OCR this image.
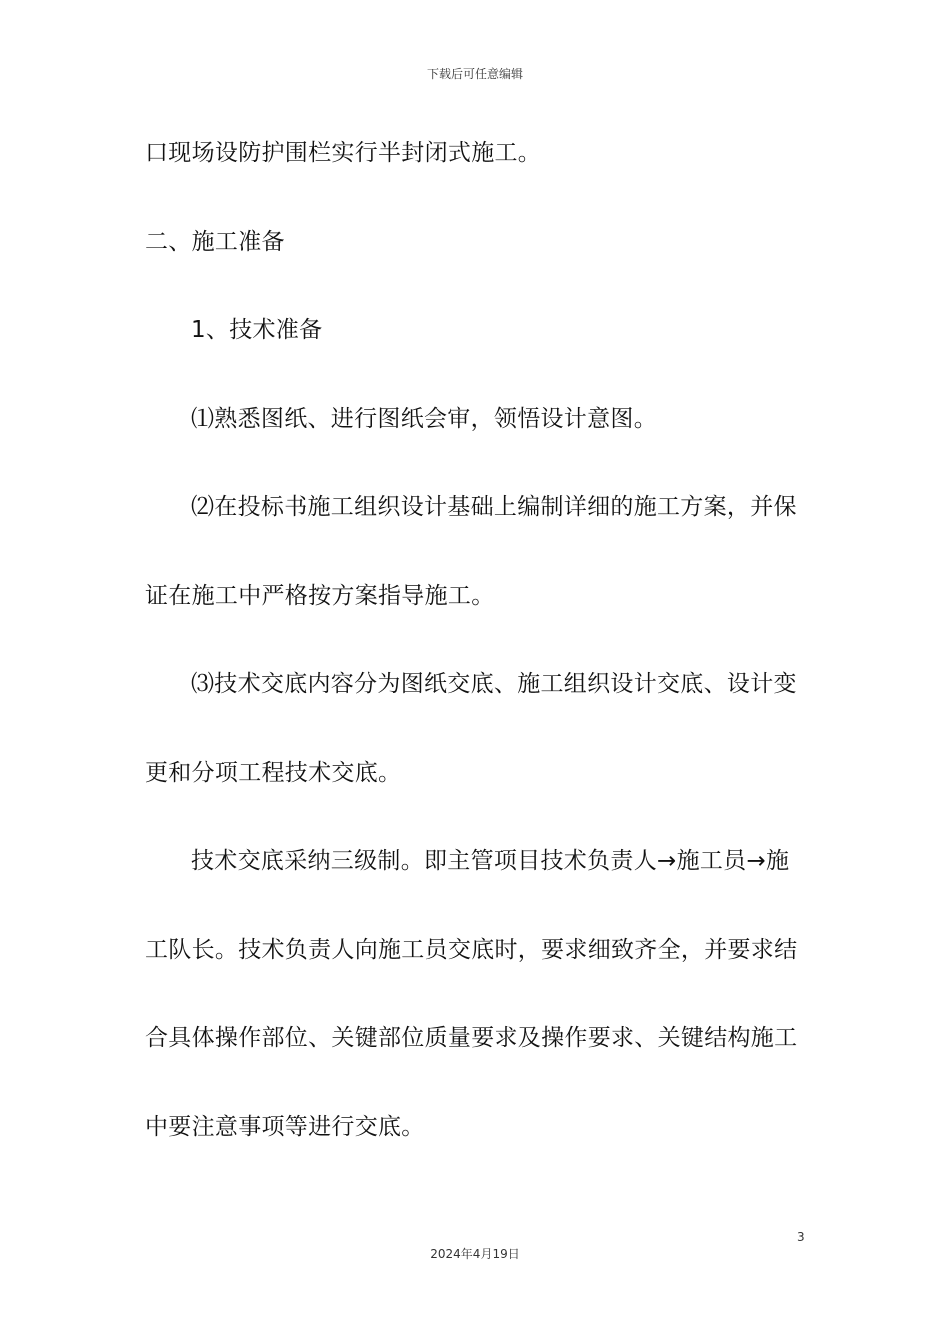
下载后可任意编辑
口现场设防护围栏实行半封闭式施工。
二、施工准备
1、技术准备
⑴熟悉图纸、进行图纸会审，领悟设计意图。
⑵在投标书施工组织设计基础上编制详细的施工方案，并保
证在施工中严格按方案指导施工。
⑶技术交底内容分为图纸交底、施工组织设计交底、设计变
更和分项工程技术交底。
技术交底采纳三级制。即主管项目技术负责人→施工员→施
工队长。技术负责人向施工员交底时，要求细致齐全，并要求结
合具体操作部位、关键部位质量要求及操作要求、关键结构施工
中要注意事项等进行交底。
3
2024年4月19日
